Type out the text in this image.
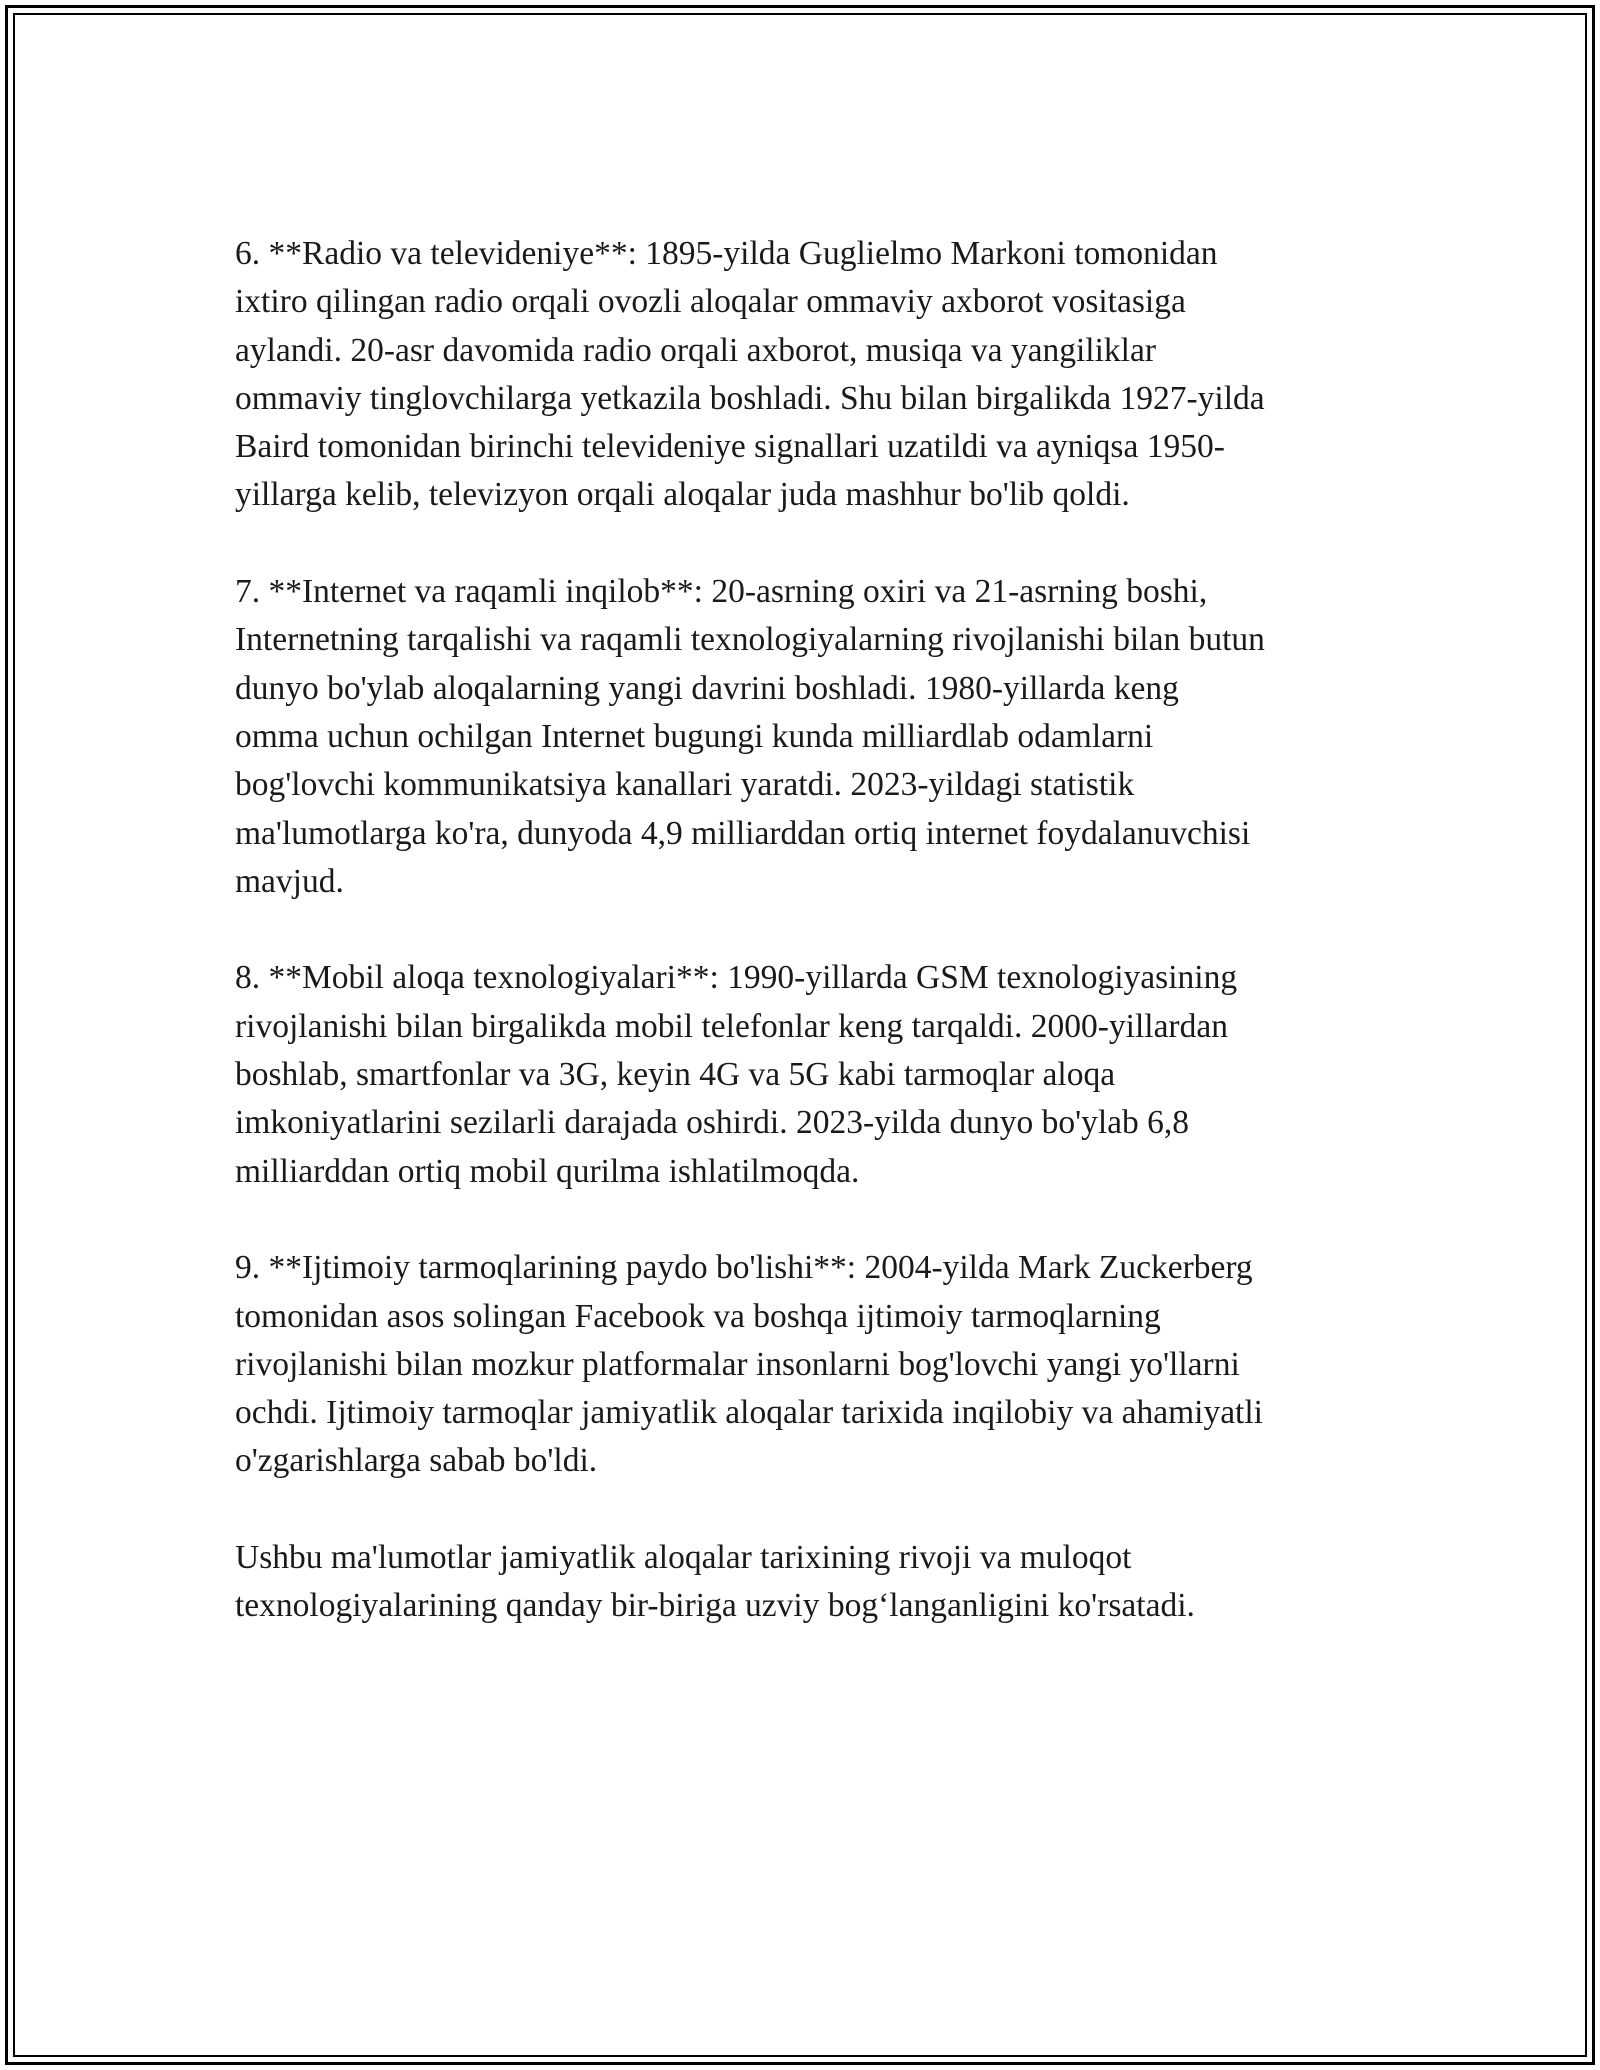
6. **Radio va televideniye**: 1895-yilda Guglielmo Markoni tomonidan
ixtiro qilingan radio orqali ovozli aloqalar ommaviy axborot vositasiga
aylandi. 20-asr davomida radio orqali axborot, musiqa va yangiliklar
ommaviy tinglovchilarga yetkazila boshladi. Shu bilan birgalikda 1927-yilda
Baird tomonidan birinchi televideniye signallari uzatildi va ayniqsa 1950-
yillarga kelib, televizyon orqali aloqalar juda mashhur bo'lib qoldi.

7. **Internet va raqamli inqilob**: 20-asrning oxiri va 21-asrning boshi,
Internetning tarqalishi va raqamli texnologiyalarning rivojlanishi bilan butun
dunyo bo'ylab aloqalarning yangi davrini boshladi. 1980-yillarda keng
omma uchun ochilgan Internet bugungi kunda milliardlab odamlarni
bog'lovchi kommunikatsiya kanallari yaratdi. 2023-yildagi statistik
ma'lumotlarga ko'ra, dunyoda 4,9 milliarddan ortiq internet foydalanuvchisi
mavjud.

8. **Mobil aloqa texnologiyalari**: 1990-yillarda GSM texnologiyasining
rivojlanishi bilan birgalikda mobil telefonlar keng tarqaldi. 2000-yillardan
boshlab, smartfonlar va 3G, keyin 4G va 5G kabi tarmoqlar aloqa
imkoniyatlarini sezilarli darajada oshirdi. 2023-yilda dunyo bo'ylab 6,8
milliarddan ortiq mobil qurilma ishlatilmoqda.

9. **Ijtimoiy tarmoqlarining paydo bo'lishi**: 2004-yilda Mark Zuckerberg
tomonidan asos solingan Facebook va boshqa ijtimoiy tarmoqlarning
rivojlanishi bilan mozkur platformalar insonlarni bog'lovchi yangi yo'llarni
ochdi. Ijtimoiy tarmoqlar jamiyatlik aloqalar tarixida inqilobiy va ahamiyatli
o'zgarishlarga sabab bo'ldi.

Ushbu ma'lumotlar jamiyatlik aloqalar tarixining rivoji va muloqot
texnologiyalarining qanday bir-biriga uzviy bog‘langanligini ko'rsatadi.
